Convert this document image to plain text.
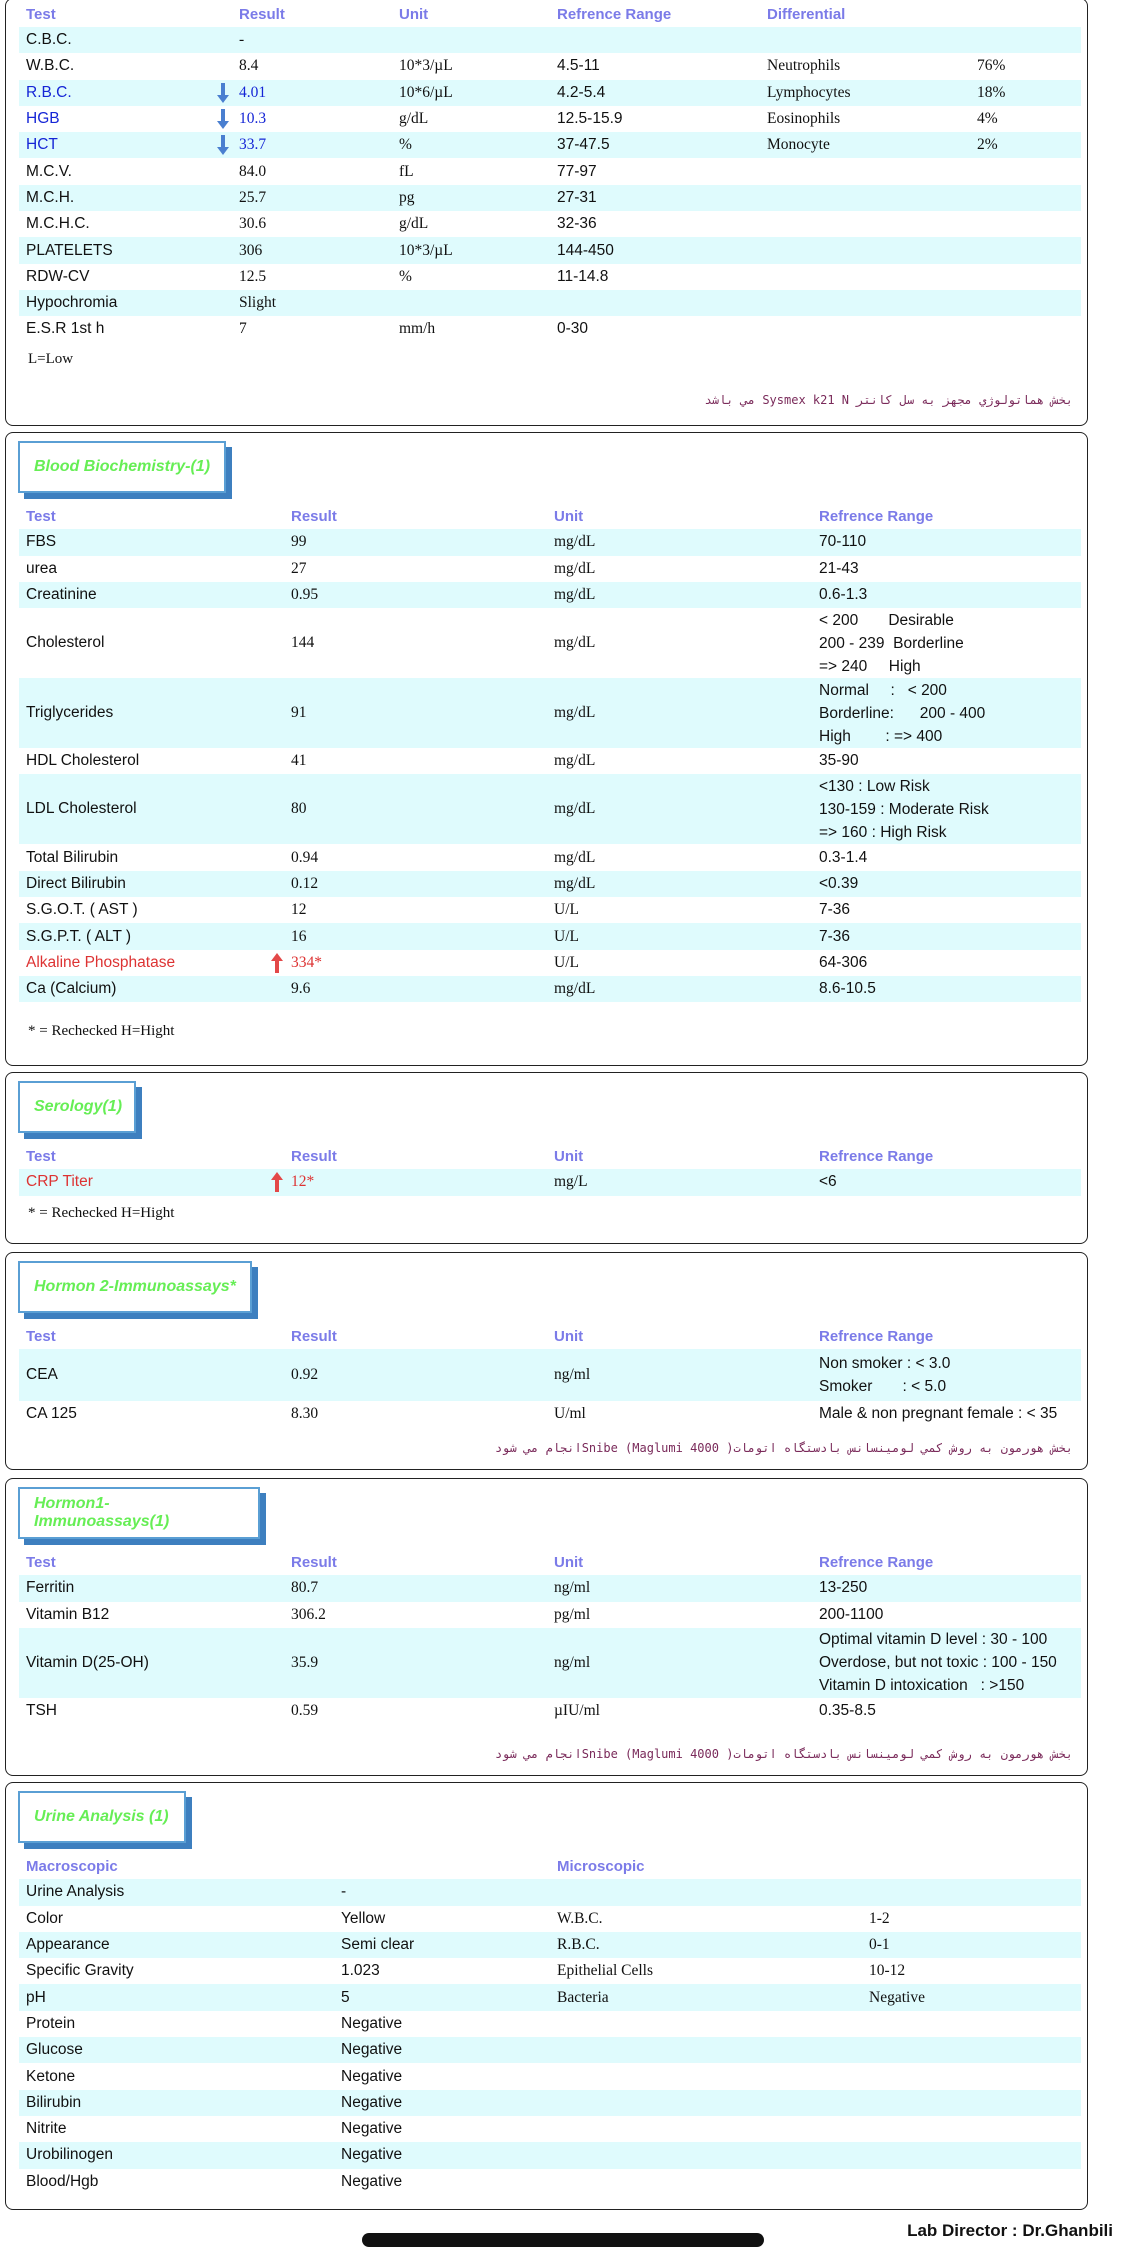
Test	Result	Unit	Refrence Range	Differential
C.B.C.	-
W.B.C.	8.4	10*3/µL	4.5-11	Neutrophils	76%
R.B.C.	4.01	10*6/µL	4.2-5.4	Lymphocytes	18%
HGB	10.3	g/dL	12.5-15.9	Eosinophils	4%
HCT	33.7	%	37-47.5	Monocyte	2%
M.C.V.	84.0	fL	77-97
M.C.H.	25.7	pg	27-31
M.C.H.C.	30.6	g/dL	32-36
PLATELETS	306	10*3/µL	144-450
RDW-CV	12.5	%	11-14.8
Hypochromia	Slight
E.S.R 1st h	7	mm/h	0-30
L=Low
بخش هماتولوژي مجهز به سل کانتر Sysmex k21 N مي باشد
Blood Biochemistry-(1)
Test	Result	Unit	Refrence Range
FBS	99	mg/dL	70-110
urea	27	mg/dL	21-43
Creatinine	0.95	mg/dL	0.6-1.3
Cholesterol	144	mg/dL
< 200       Desirable
200 - 239  Borderline
=> 240     High
Triglycerides	91	mg/dL
Normal     :   < 200
Borderline:      200 - 400
High        : => 400
HDL Cholesterol	41	mg/dL	35-90
LDL Cholesterol	80	mg/dL
<130 : Low Risk
130-159 : Moderate Risk
=> 160 : High Risk
Total Bilirubin	0.94	mg/dL	0.3-1.4
Direct Bilirubin	0.12	mg/dL	<0.39
S.G.O.T. ( AST )	12	U/L	7-36
S.G.P.T. ( ALT )	16	U/L	7-36
Alkaline Phosphatase	334*	U/L	64-306
Ca (Calcium)	9.6	mg/dL	8.6-10.5
* = Rechecked H=Hight
Serology(1)
Test	Result	Unit	Refrence Range
CRP Titer	12*	mg/L	<6
* = Rechecked H=Hight
Hormon 2-Immunoassays*
Test	Result	Unit	Refrence Range
CEA	0.92	ng/ml
Non smoker : < 3.0
Smoker       : < 5.0
CA 125	8.30	U/ml	Male & non pregnant female : < 35
بخش هورمون به روش کمي لومينسانس بادستگاه اتومات( Snibe (Maglumi 4000انجام مي شود
Hormon1-Immunoassays(1)
Test	Result	Unit	Refrence Range
Ferritin	80.7	ng/ml	13-250
Vitamin B12	306.2	pg/ml	200-1100
Vitamin D(25-OH)	35.9	ng/ml
Optimal vitamin D level : 30 - 100
Overdose, but not toxic : 100 - 150
Vitamin D intoxication   : >150
TSH	0.59	µIU/ml	0.35-8.5
بخش هورمون به روش کمي لومينسانس بادستگاه اتومات( Snibe (Maglumi 4000انجام مي شود
Urine Analysis (1)
Macroscopic	Microscopic
Urine Analysis	-
Color	Yellow	W.B.C.	1-2
Appearance	Semi clear	R.B.C.	0-1
Specific Gravity	1.023	Epithelial Cells	10-12
pH	5	Bacteria	Negative
Protein	Negative
Glucose	Negative
Ketone	Negative
Bilirubin	Negative
Nitrite	Negative
Urobilinogen	Negative
Blood/Hgb	Negative
Lab Director : Dr.Ghanbili
